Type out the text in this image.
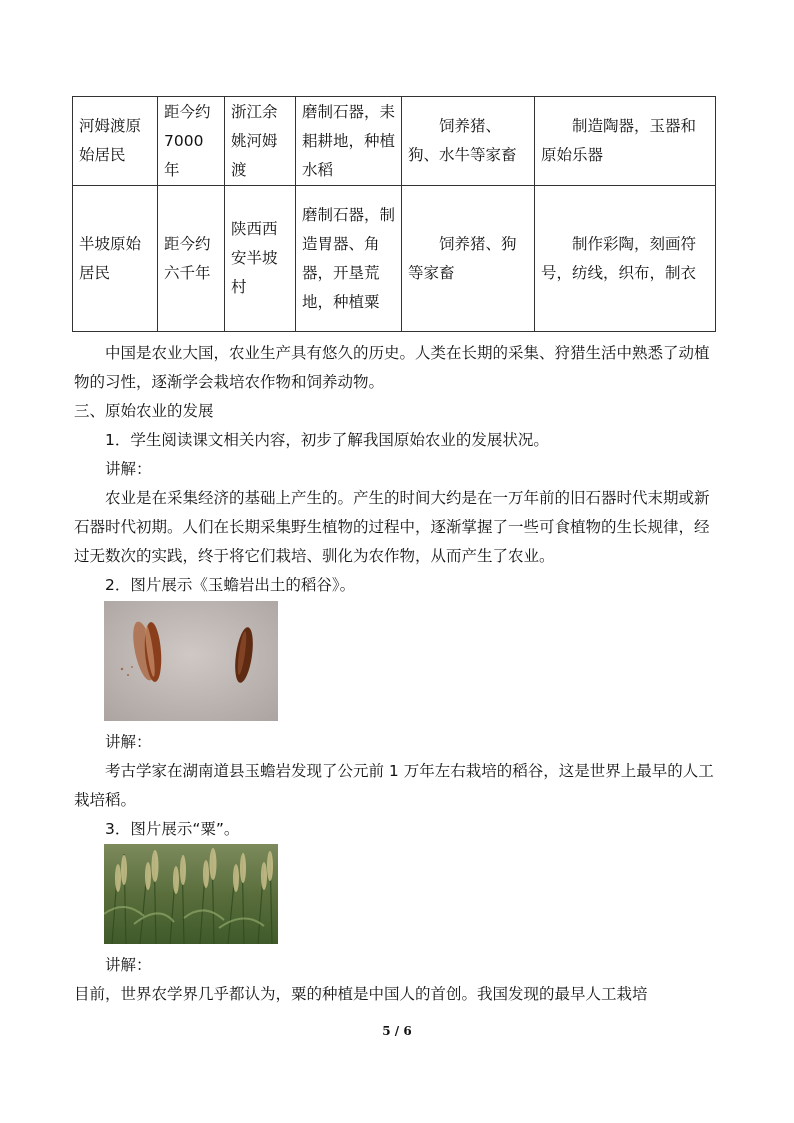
河姆渡原始居民	距今约7000年	浙江余姚河姆渡	磨制石器，耒耜耕地，种植水稻	饲养猪、狗、水牛等家畜	制造陶器，玉器和原始乐器
半坡原始居民	距今约六千年	陕西西安半坡村	磨制石器，制造胃器、角器，开垦荒地，种植粟	饲养猪、狗等家畜	制作彩陶，刻画符号，纺线，织布，制衣

中国是农业大国，农业生产具有悠久的历史。人类在长期的采集、狩猎生活中熟悉了动植物的习性，逐渐学会栽培农作物和饲养动物。

三、原始农业的发展

1．学生阅读课文相关内容，初步了解我国原始农业的发展状况。

讲解：

农业是在采集经济的基础上产生的。产生的时间大约是在一万年前的旧石器时代末期或新石器时代初期。人们在长期采集野生植物的过程中，逐渐掌握了一些可食植物的生长规律，经过无数次的实践，终于将它们栽培、驯化为农作物，从而产生了农业。

2．图片展示《玉蟾岩出土的稻谷》。

讲解：

考古学家在湖南道县玉蟾岩发现了公元前 1 万年左右栽培的稻谷，这是世界上最早的人工栽培稻。

3．图片展示“粟”。

讲解：

目前，世界农学界几乎都认为，粟的种植是中国人的首创。我国发现的最早人工栽培

5 / 6
